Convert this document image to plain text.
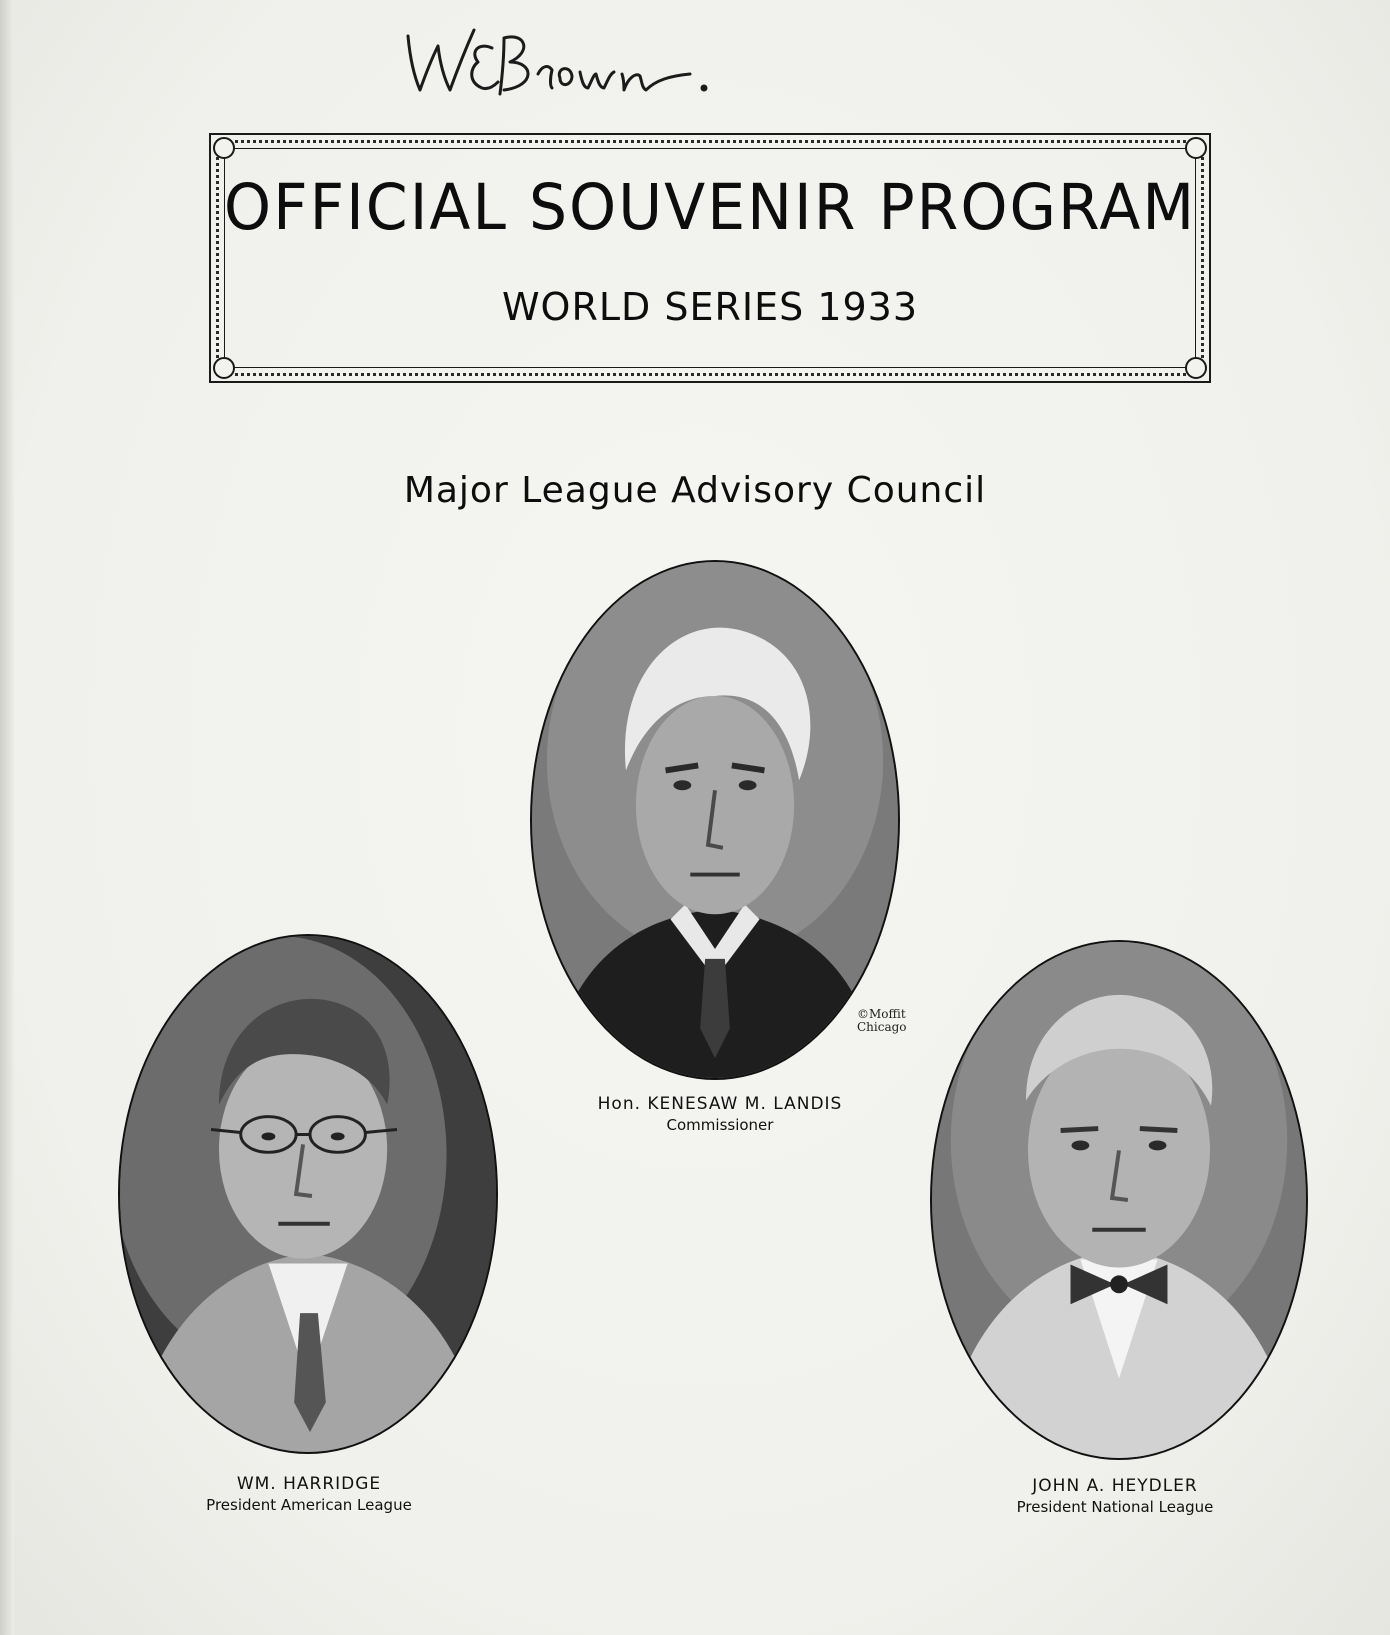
OFFICIAL SOUVENIR PROGRAM
WORLD SERIES 1933
Major League Advisory Council
©Moffit
Chicago
Hon. KENESAW M. LANDIS
Commissioner
WM. HARRIDGE
President American League
JOHN A. HEYDLER
President National League
